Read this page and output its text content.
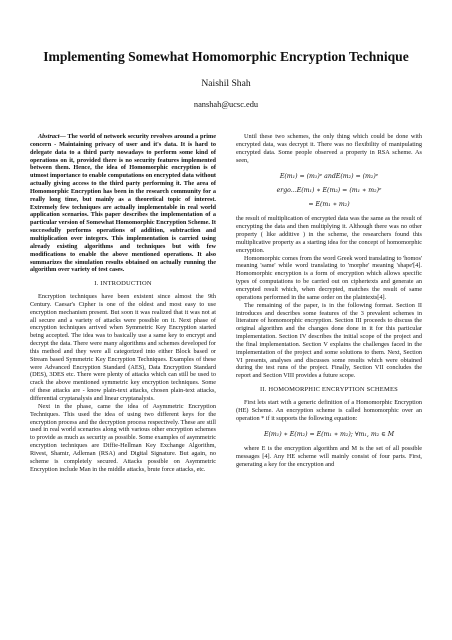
Implementing Somewhat Homomorphic Encryption Technique
Naishil Shah
nanshah@ucsc.edu

Abstract— The world of network security revolves around a prime concern - Maintaining privacy of user and it's data. It is hard to delegate data to a third party nowadays to perform some kind of operations on it, provided there is no security features implemented between them. Hence, the idea of Homomorphic encryption is of utmost importance to enable computations on encrypted data without actually giving access to the third party performing it. The area of Homomorphic Encryption has been in the research community for a really long time, but mainly as a theoretical topic of interest. Extremely few techniques are actually implementable in real world application scenarios. This paper describes the implementation of a particular version of Somewhat Homomorphic Encryption Scheme. It successfully performs operations of addition, subtraction and multiplication over integers. This implementation is carried using already existing algorithms and techniques but with few modifications to enable the above mentioned operations. It also summarizes the simulation results obtained on actually running the algorithm over variety of test cases.

I. INTRODUCTION

Encryption techniques have been existent since almost the 9th Century. Caesar's Cipher is one of the oldest and most easy to use encryption mechanism present. But soon it was realized that it was not at all secure and a variety of attacks were possible on it. Next phase of encryption techniques arrived when Symmetric Key Encryption started being accepted. The idea was to basically use a same key to encrypt and decrypt the data. There were many algorithms and schemes developed for this method and they were all categorized into either Block based or Stream based Symmetric Key Encryption Techniques. Examples of these were Advanced Encryption Standard (AES), Data Encryption Standard (DES), 3DES etc. There were plenty of attacks which can still be used to crack the above mentioned symmetric key encryption techniques. Some of these attacks are - know plain-text attacks, chosen plain-text attacks, differential cryptanalysis and linear cryptanalysis.

Next in the phase, came the idea of Asymmetric Encryption Techniques. This used the idea of using two different keys for the encryption process and the decryption process respectively. These are still used in real world scenarios along with various other encryption schemes to provide as much as security as possible. Some examples of asymmetric encryption techniques are Diffie-Hellman Key Exchange Algorithm, Rivest, Shamir, Adleman (RSA) and Digital Signature. But again, no scheme is completely secured. Attacks possible on Asymmetric Encryption include Man in the middle attacks, brute force attacks, etc.

Until these two schemes, the only thing which could be done with encrypted data, was decrypt it. There was no flexibility of manipulating encrypted data. Some people observed a property in RSA scheme. As seen,

E(m₁) = (m₁)ᵉ andE(m₂) = (m₂)ᵉ
ergo...E(m₁) ∗ E(m₂) = (m₁ ∗ m₂)ᵉ
= E(m₁ ∗ m₂)

the result of multiplication of encrypted data was the same as the result of encrypting the data and then multiplying it. Although there was no other property ( like additive ) in the scheme, the researchers found this multiplicative property as a starting idea for the concept of homomorphic encryption.

Homomorphic comes from the word Greek word translating to 'homos' meaning 'same' while word translating to 'morphe' meaning 'shape'[4]. Homomorphic encryption is a form of encryption which allows specific types of computations to be carried out on ciphertexts and generate an encrypted result which, when decrypted, matches the result of same operations performed in the same order on the plaintexts[4].

The remaining of the paper, is in the following format. Section II introduces and describes some features of the 3 prevalent schemes in literature of homomorphic encryption. Section III proceeds to discuss the original algorithm and the changes done done in it for this particular implementation. Section IV describes the initial scope of the project and the final implementation. Section V explains the challenges faced in the implementation of the project and some solutions to them. Next, Section VI presents, analyses and discusses some results which were obtained during the test runs of the project. Finally, Section VII concludes the report and Section VIII provides a future scope.

II. HOMOMORPHIC ENCRYPTION SCHEMES

First lets start with a generic definition of a Homomorphic Encryption (HE) Scheme. An encryption scheme is called homomorphic over an operation * if it supports the following equation:

E(m₁) ∗ E(m₂) = E(m₁ ∗ m₂); ∀m₁, m₂ ∈ M

where E is the encryption algorithm and M is the set of all possible messages [4]. Any HE scheme will mainly consist of four parts. First, generating a key for the encryption and
